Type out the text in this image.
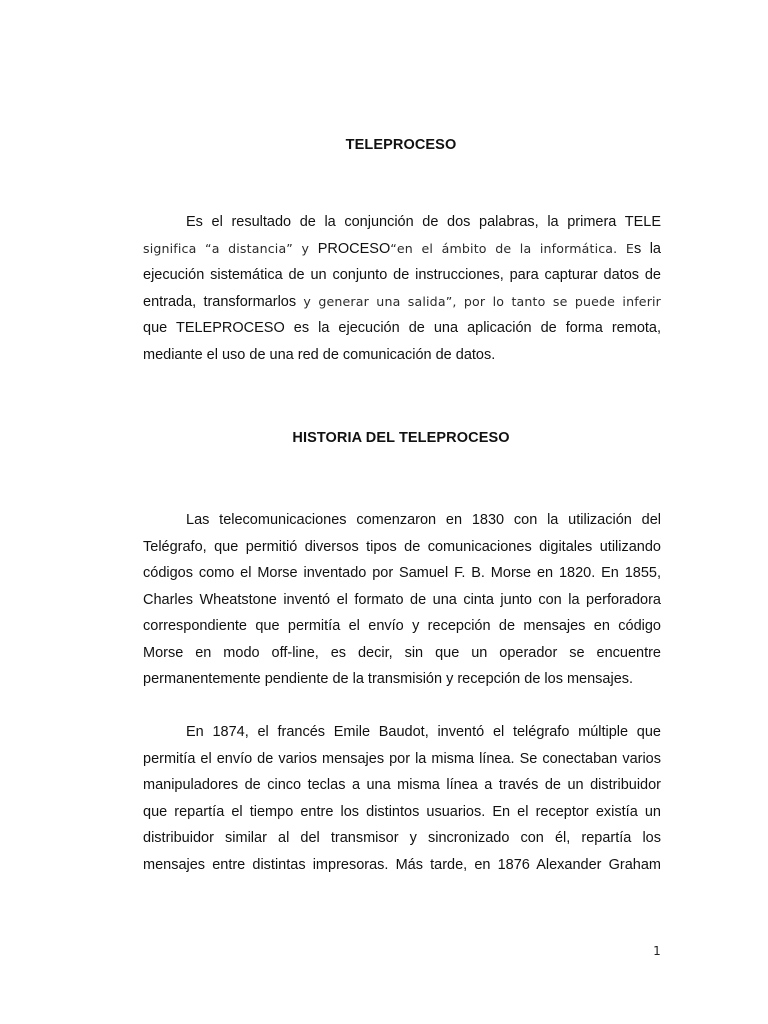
TELEPROCESO
Es el resultado de la conjunción de dos palabras, la primera TELE
significa “a distancia” y PROCESO“en el ámbito de la informática. Es la
ejecución sistemática de un conjunto de instrucciones, para capturar datos de
entrada, transformarlos y generar una salida”, por lo tanto se puede inferir
que TELEPROCESO es la ejecución de una aplicación de forma remota,
mediante el uso de una red de comunicación de datos.
HISTORIA DEL TELEPROCESO
Las telecomunicaciones comenzaron en 1830 con la utilización del
Telégrafo, que permitió diversos tipos de comunicaciones digitales utilizando
códigos como el Morse inventado por Samuel F. B. Morse en 1820. En 1855,
Charles Wheatstone inventó el formato de una cinta junto con la perforadora
correspondiente que permitía el envío y recepción de mensajes en código
Morse en modo off-line, es decir, sin que un operador se encuentre
permanentemente pendiente de la transmisión y recepción de los mensajes.
En 1874, el francés Emile Baudot, inventó el telégrafo múltiple que
permitía el envío de varios mensajes por la misma línea. Se conectaban varios
manipuladores de cinco teclas a una misma línea a través de un distribuidor
que repartía el tiempo entre los distintos usuarios. En el receptor existía un
distribuidor similar al del transmisor y sincronizado con él, repartía los
mensajes entre distintas impresoras. Más tarde, en 1876 Alexander Graham
1
